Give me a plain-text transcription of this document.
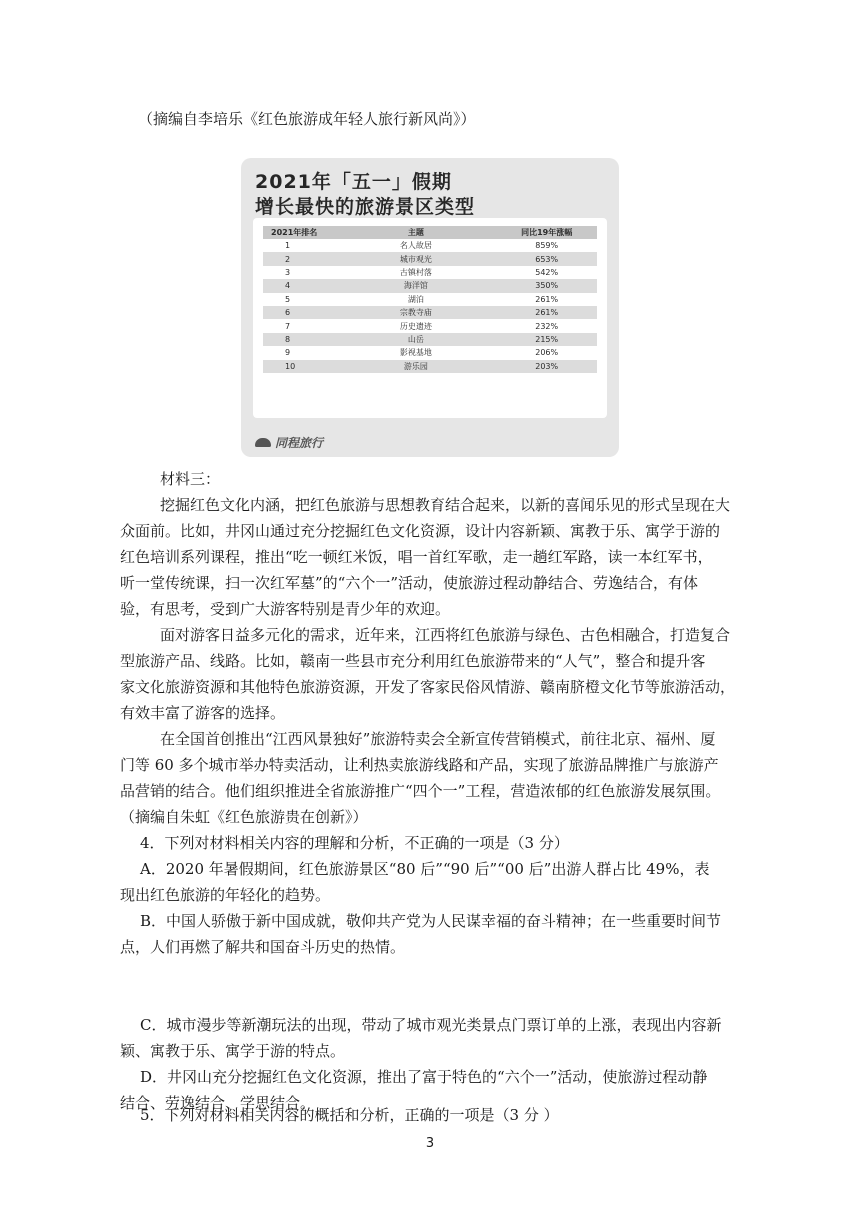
（摘编自李培乐《红色旅游成年轻人旅行新风尚》）
2021年「五一」假期
增长最快的旅游景区类型
2021年排名	主题	同比19年涨幅
1	名人故居	859%
2	城市观光	653%
3	古镇村落	542%
4	海洋馆	350%
5	湖泊	261%
6	宗教寺庙	261%
7	历史遗迹	232%
8	山岳	215%
9	影视基地	206%
10	游乐园	203%
同程旅行
材料三：
挖掘红色文化内涵，把红色旅游与思想教育结合起来，以新的喜闻乐见的形式呈现在大
众面前。比如，井冈山通过充分挖掘红色文化资源，设计内容新颖、寓教于乐、寓学于游的
红色培训系列课程，推出“吃一顿红米饭，唱一首红军歌，走一趟红军路，读一本红军书，
听一堂传统课，扫一次红军墓”的“六个一”活动，使旅游过程动静结合、劳逸结合，有体
验，有思考，受到广大游客特别是青少年的欢迎。
面对游客日益多元化的需求，近年来，江西将红色旅游与绿色、古色相融合，打造复合
型旅游产品、线路。比如，赣南一些县市充分利用红色旅游带来的“人气”，整合和提升客
家文化旅游资源和其他特色旅游资源，开发了客家民俗风情游、赣南脐橙文化节等旅游活动，
有效丰富了游客的选择。
在全国首创推出“江西风景独好”旅游特卖会全新宣传营销模式，前往北京、福州、厦
门等 60 多个城市举办特卖活动，让利热卖旅游线路和产品，实现了旅游品牌推广与旅游产
品营销的结合。他们组织推进全省旅游推广“四个一”工程，营造浓郁的红色旅游发展氛围。
（摘编自朱虹《红色旅游贵在创新》）
4．下列对材料相关内容的理解和分析，不正确的一项是（3 分）
A．2020 年暑假期间，红色旅游景区“80 后”“90 后”“00 后”出游人群占比 49%，表
现出红色旅游的年轻化的趋势。
B．中国人骄傲于新中国成就，敬仰共产党为人民谋幸福的奋斗精神；在一些重要时间节
点，人们再燃了解共和国奋斗历史的热情。
C．城市漫步等新潮玩法的出现，带动了城市观光类景点门票订单的上涨，表现出内容新
颖、寓教于乐、寓学于游的特点。
D．井冈山充分挖掘红色文化资源，推出了富于特色的“六个一”活动，使旅游过程动静
结合、劳逸结合、学思结合。
5．下列对材料相关内容的概括和分析，正确的一项是（3 分 ）
3
